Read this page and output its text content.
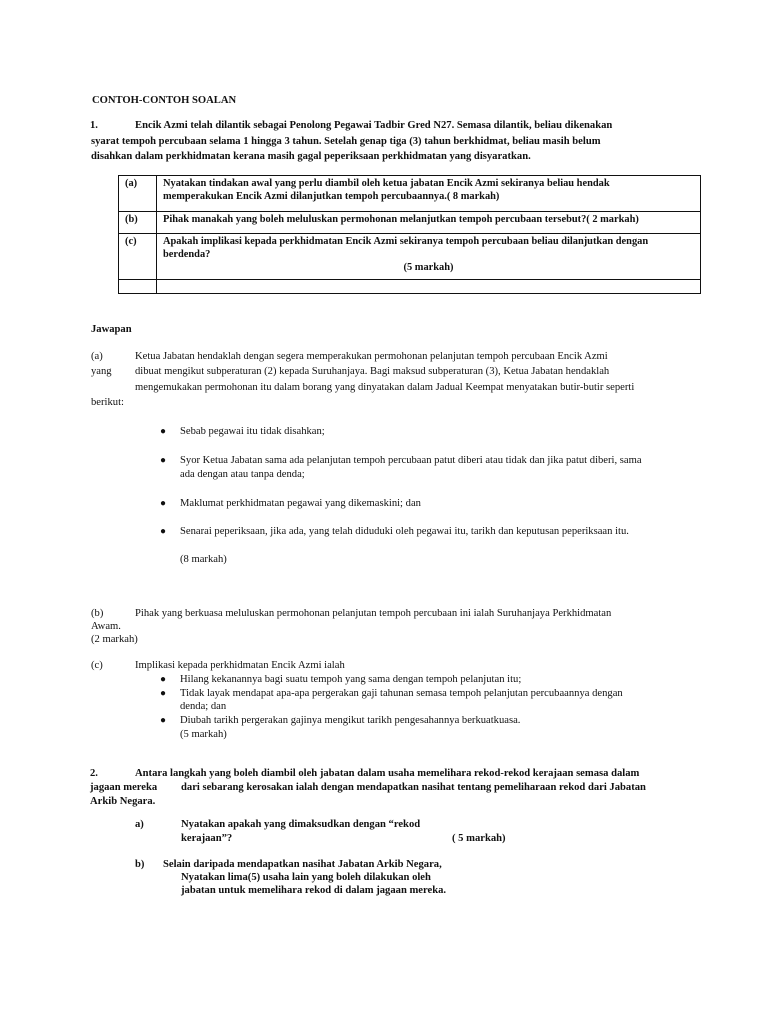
CONTOH-CONTOH SOALAN
1.	Encik Azmi telah dilantik sebagai Penolong Pegawai Tadbir Gred N27. Semasa dilantik, beliau dikenakan
syarat tempoh percubaan selama 1 hingga 3 tahun. Setelah genap tiga (3) tahun berkhidmat, beliau masih belum
disahkan dalam perkhidmatan kerana masih gagal peperiksaan perkhidmatan yang disyaratkan.
(a)	Nyatakan tindakan awal yang perlu diambil oleh ketua jabatan Encik Azmi sekiranya beliau hendak
memperakukan Encik Azmi dilanjutkan tempoh percubaannya.( 8 markah)
(b)	Pihak manakah yang boleh meluluskan permohonan melanjutkan tempoh percubaan tersebut?( 2 markah)
(c)	Apakah implikasi kepada perkhidmatan Encik Azmi sekiranya tempoh percubaan beliau dilanjutkan dengan
berdenda?

(5 markah)

Jawapan
(a)	Ketua Jabatan hendaklah dengan segera memperakukan permohonan pelanjutan tempoh percubaan Encik Azmi
yang dibuat mengikut subperaturan (2) kepada Suruhanjaya. Bagi maksud subperaturan (3), Ketua Jabatan hendaklah
mengemukakan permohonan itu dalam borang yang dinyatakan dalam Jadual Keempat menyatakan butir-butir seperti
berikut:
● Sebab pegawai itu tidak disahkan;
● Syor Ketua Jabatan sama ada pelanjutan tempoh percubaan patut diberi atau tidak dan jika patut diberi, sama
ada dengan atau tanpa denda;
● Maklumat perkhidmatan pegawai yang dikemaskini; dan
● Senarai peperiksaan, jika ada, yang telah diduduki oleh pegawai itu, tarikh dan keputusan peperiksaan itu.
(8 markah)
(b)	Pihak yang berkuasa meluluskan permohonan pelanjutan tempoh percubaan ini ialah Suruhanjaya Perkhidmatan
Awam.
(2 markah)
(c)	Implikasi kepada perkhidmatan Encik Azmi ialah
● Hilang kekanannya bagi suatu tempoh yang sama dengan tempoh pelanjutan itu;
● Tidak layak mendapat apa-apa pergerakan gaji tahunan semasa tempoh pelanjutan percubaannya dengan
denda; dan
● Diubah tarikh pergerakan gajinya mengikut tarikh pengesahannya berkuatkuasa.
(5 markah)
2.	Antara langkah yang boleh diambil oleh jabatan dalam usaha memelihara rekod-rekod kerajaan semasa dalam
jagaan mereka dari sebarang kerosakan ialah dengan mendapatkan nasihat tentang pemeliharaan rekod dari Jabatan
Arkib Negara.
a)	Nyatakan apakah yang dimaksudkan dengan “rekod
kerajaan”?	( 5 markah)
b) Selain daripada mendapatkan nasihat Jabatan Arkib Negara,
Nyatakan lima(5) usaha lain yang boleh dilakukan oleh
jabatan untuk memelihara rekod di dalam jagaan mereka.
